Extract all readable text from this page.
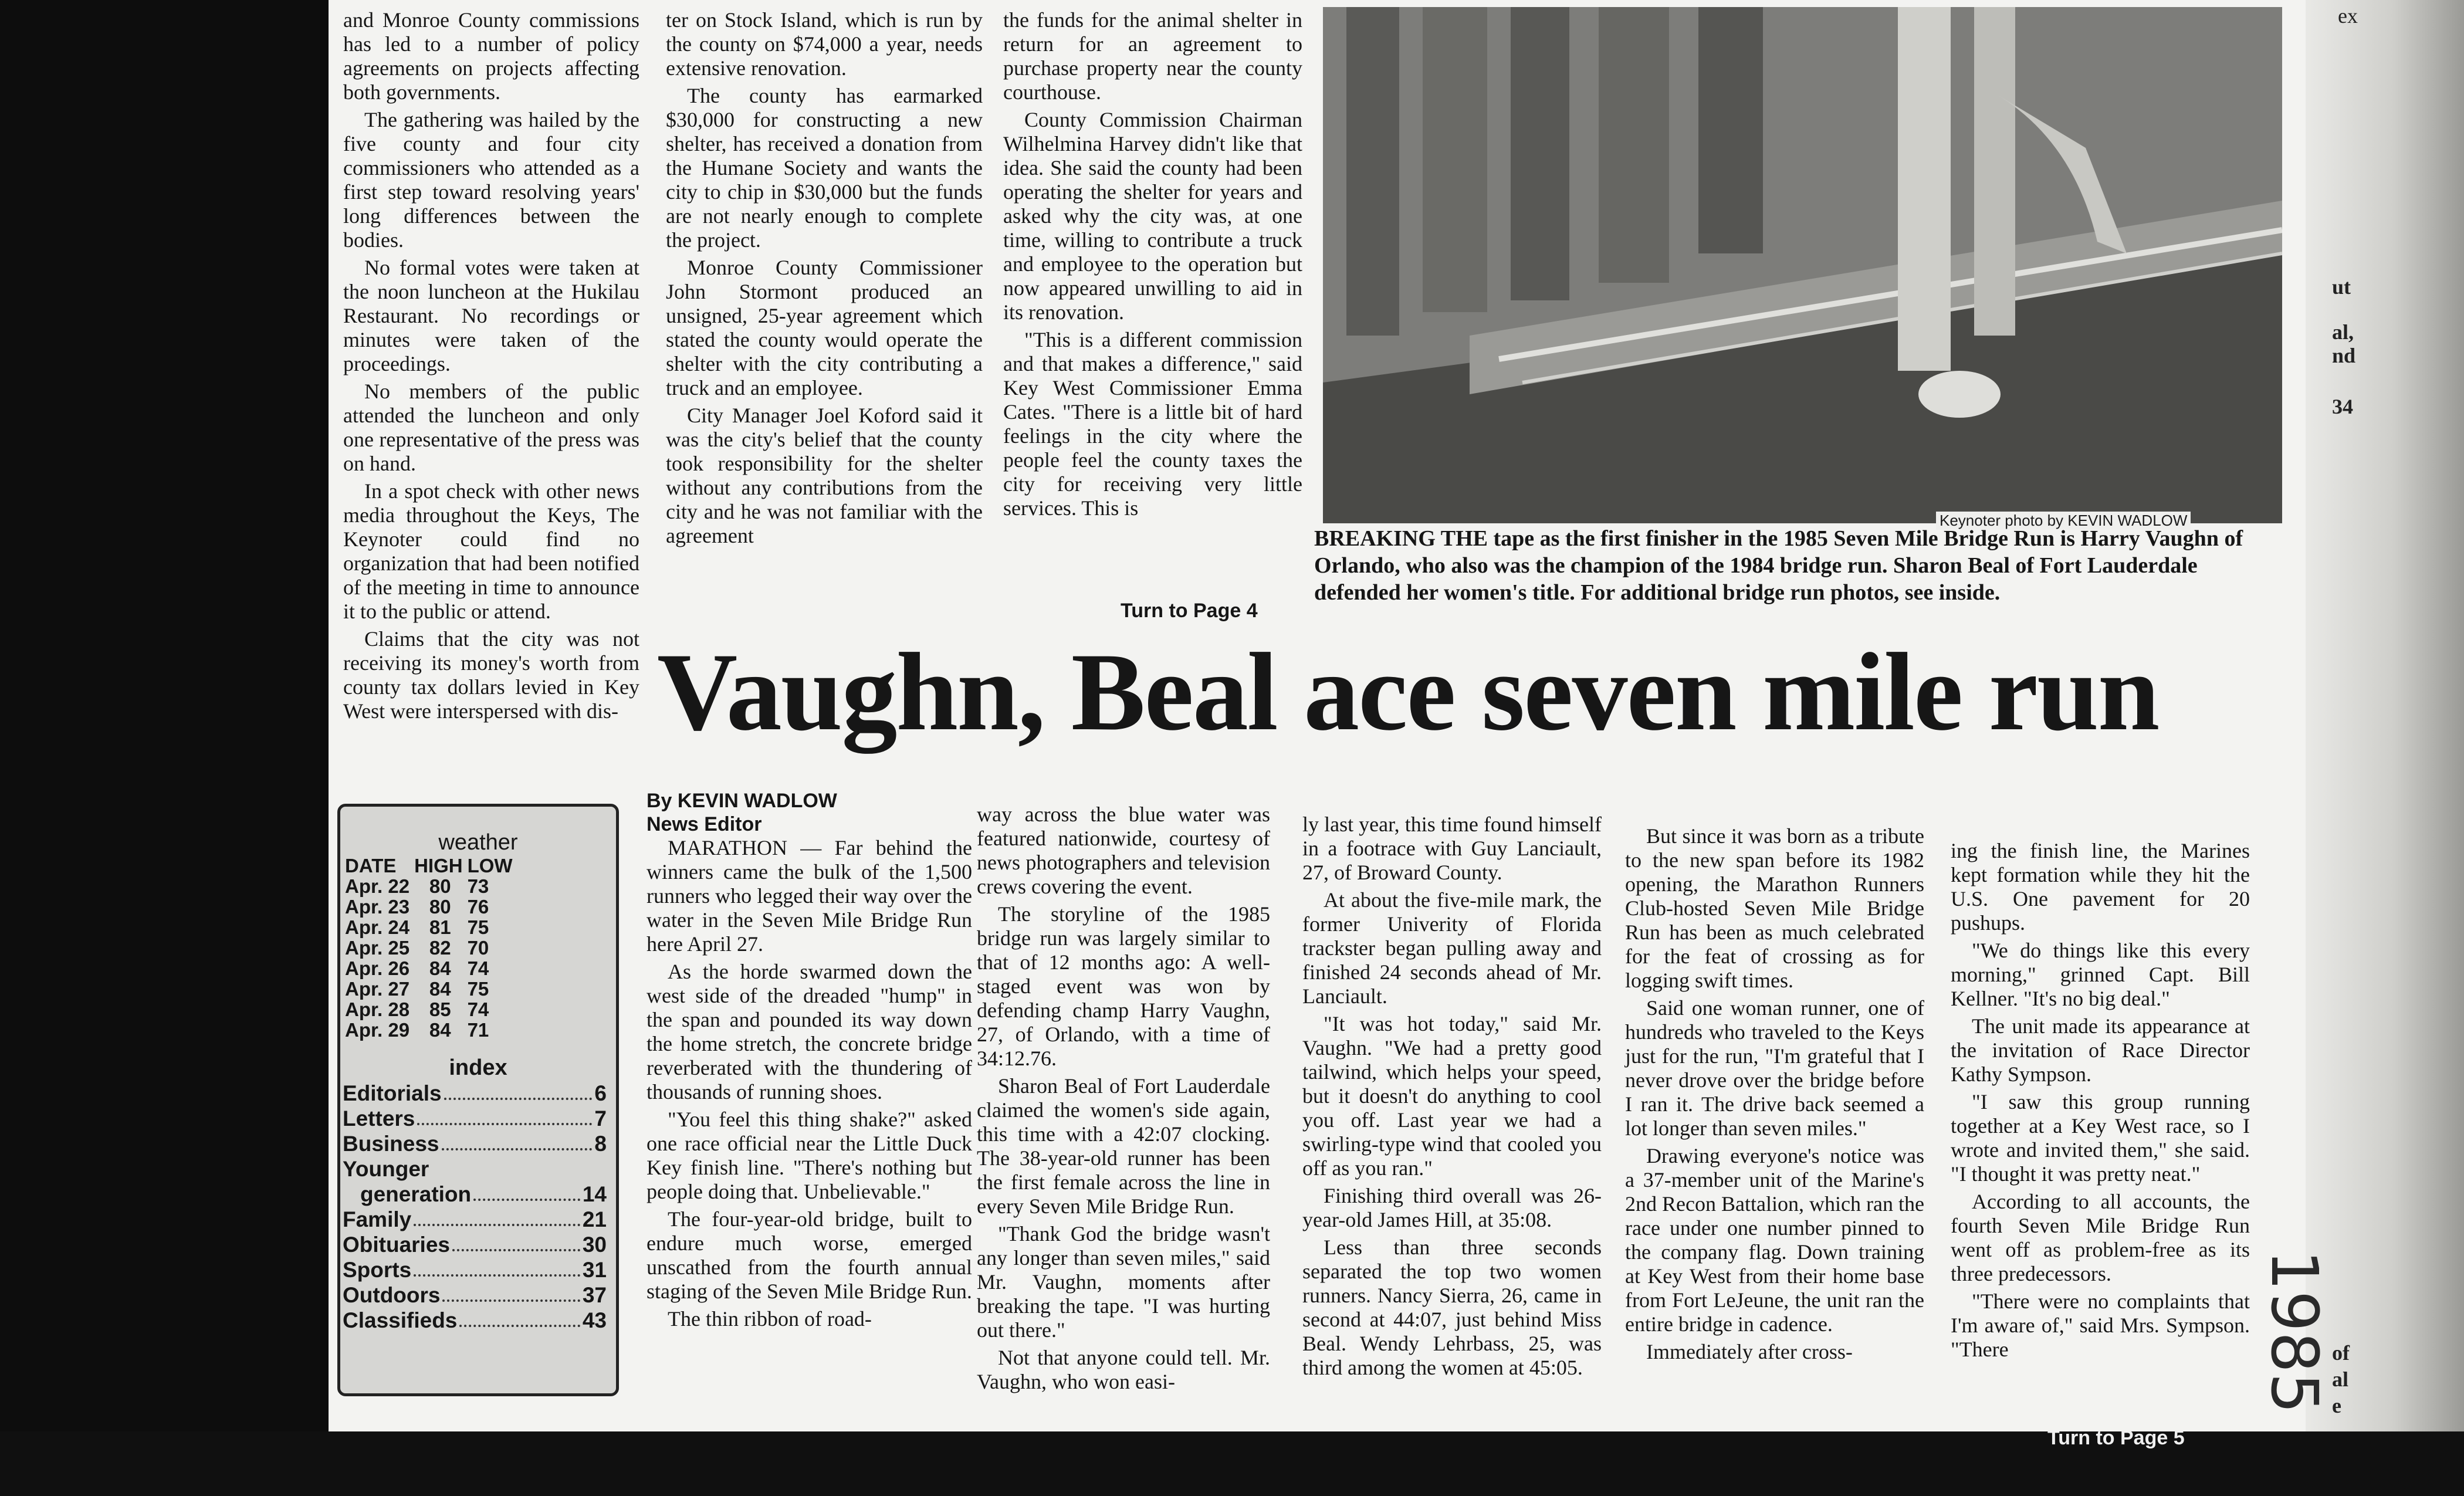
and Monroe County commissions has led to a number of policy agreements on projects affecting both governments.

The gathering was hailed by the five county and four city commissioners who attended as a first step toward resolving years' long differences between the bodies.

No formal votes were taken at the noon luncheon at the Hukilau Restaurant. No recordings or minutes were taken of the proceedings.

No members of the public attended the luncheon and only one representative of the press was on hand.

In a spot check with other news media throughout the Keys, The Keynoter could find no organization that had been notified of the meeting in time to announce it to the public or attend.

Claims that the city was not receiving its money's worth from county tax dollars levied in Key West were interspersed with dis-

ter on Stock Island, which is run by the county on $74,000 a year, needs extensive renovation.

The county has earmarked $30,000 for constructing a new shelter, has received a donation from the Humane Society and wants the city to chip in $30,000 but the funds are not nearly enough to complete the project.

Monroe County Commissioner John Stormont produced an unsigned, 25-year agreement which stated the county would operate the shelter with the city contributing a truck and an employee.

City Manager Joel Koford said it was the city's belief that the county took responsibility for the shelter without any contributions from the city and he was not familiar with the agreement

the funds for the animal shelter in return for an agreement to purchase property near the county courthouse.

County Commission Chairman Wilhelmina Harvey didn't like that idea. She said the county had been operating the shelter for years and asked why the city was, at one time, willing to contribute a truck and employee to the operation but now appeared unwilling to aid in its renovation.

"This is a different commission and that makes a difference," said Key West Commissioner Emma Cates. "There is a little bit of hard feelings in the city where the people feel the county taxes the city for receiving very little services. This is

Turn to Page 4
Keynoter photo by KEVIN WADLOW
BREAKING THE tape as the first finisher in the 1985 Seven Mile Bridge Run is Harry Vaughn of Orlando, who also was the champion of the 1984 bridge run. Sharon Beal of Fort Lauderdale defended her women's title. For additional bridge run photos, see inside.
Vaughn, Beal ace seven mile run
weather
DATE	HIGH	LOW
Apr. 22	80	73
Apr. 23	80	76
Apr. 24	81	75
Apr. 25	82	70
Apr. 26	84	74
Apr. 27	84	75
Apr. 28	85	74
Apr. 29	84	71
index
Editorials	6
Letters	7
Business	8
Younger
generation	14
Family	21
Obituaries	30
Sports	31
Outdoors	37
Classifieds	43
By KEVIN WADLOW
News Editor

MARATHON — Far behind the winners came the bulk of the 1,500 runners who legged their way over the water in the Seven Mile Bridge Run here April 27.

As the horde swarmed down the west side of the dreaded "hump" in the span and pounded its way down the home stretch, the concrete bridge reverberated with the thundering of thousands of running shoes.

"You feel this thing shake?" asked one race official near the Little Duck Key finish line. "There's nothing but people doing that. Unbelievable."

The four-year-old bridge, built to endure much worse, emerged unscathed from the fourth annual staging of the Seven Mile Bridge Run.

The thin ribbon of road-

way across the blue water was featured nationwide, courtesy of news photographers and television crews covering the event.

The storyline of the 1985 bridge run was largely similar to that of 12 months ago: A well-staged event was won by defending champ Harry Vaughn, 27, of Orlando, with a time of 34:12.76.

Sharon Beal of Fort Lauderdale claimed the women's side again, this time with a 42:07 clocking. The 38-year-old runner has been the first female across the line in every Seven Mile Bridge Run.

"Thank God the bridge wasn't any longer than seven miles," said Mr. Vaughn, moments after breaking the tape. "I was hurting out there."

Not that anyone could tell. Mr. Vaughn, who won easi-

ly last year, this time found himself in a footrace with Guy Lanciault, 27, of Broward County.

At about the five-mile mark, the former Univerity of Florida trackster began pulling away and finished 24 seconds ahead of Mr. Lanciault.

"It was hot today," said Mr. Vaughn. "We had a pretty good tailwind, which helps your speed, but it doesn't do anything to cool you off. Last year we had a swirling-type wind that cooled you off as you ran."

Finishing third overall was 26-year-old James Hill, at 35:08.

Less than three seconds separated the top two women runners. Nancy Sierra, 26, came in second at 44:07, just behind Miss Beal. Wendy Lehrbass, 25, was third among the women at 45:05.

But since it was born as a tribute to the new span before its 1982 opening, the Marathon Runners Club-hosted Seven Mile Bridge Run has been as much celebrated for the feat of crossing as for logging swift times.

Said one woman runner, one of hundreds who traveled to the Keys just for the run, "I'm grateful that I never drove over the bridge before I ran it. The drive back seemed a lot longer than seven miles."

Drawing everyone's notice was a 37-member unit of the Marine's 2nd Recon Battalion, which ran the race under one number pinned to the company flag. Down training at Key West from their home base from Fort LeJeune, the unit ran the entire bridge in cadence.

Immediately after cross-

ing the finish line, the Marines kept formation while they hit the U.S. One pavement for 20 pushups.

"We do things like this every morning," grinned Capt. Bill Kellner. "It's no big deal."

The unit made its appearance at the invitation of Race Director Kathy Sympson.

"I saw this group running together at a Key West race, so I wrote and invited them," she said. "I thought it was pretty neat."

According to all accounts, the fourth Seven Mile Bridge Run went off as problem-free as its three predecessors.

"There were no complaints that I'm aware of," said Mrs. Sympson. "There

Turn to Page 5
1985
ex
ut
al,
nd
34
of
al
e
